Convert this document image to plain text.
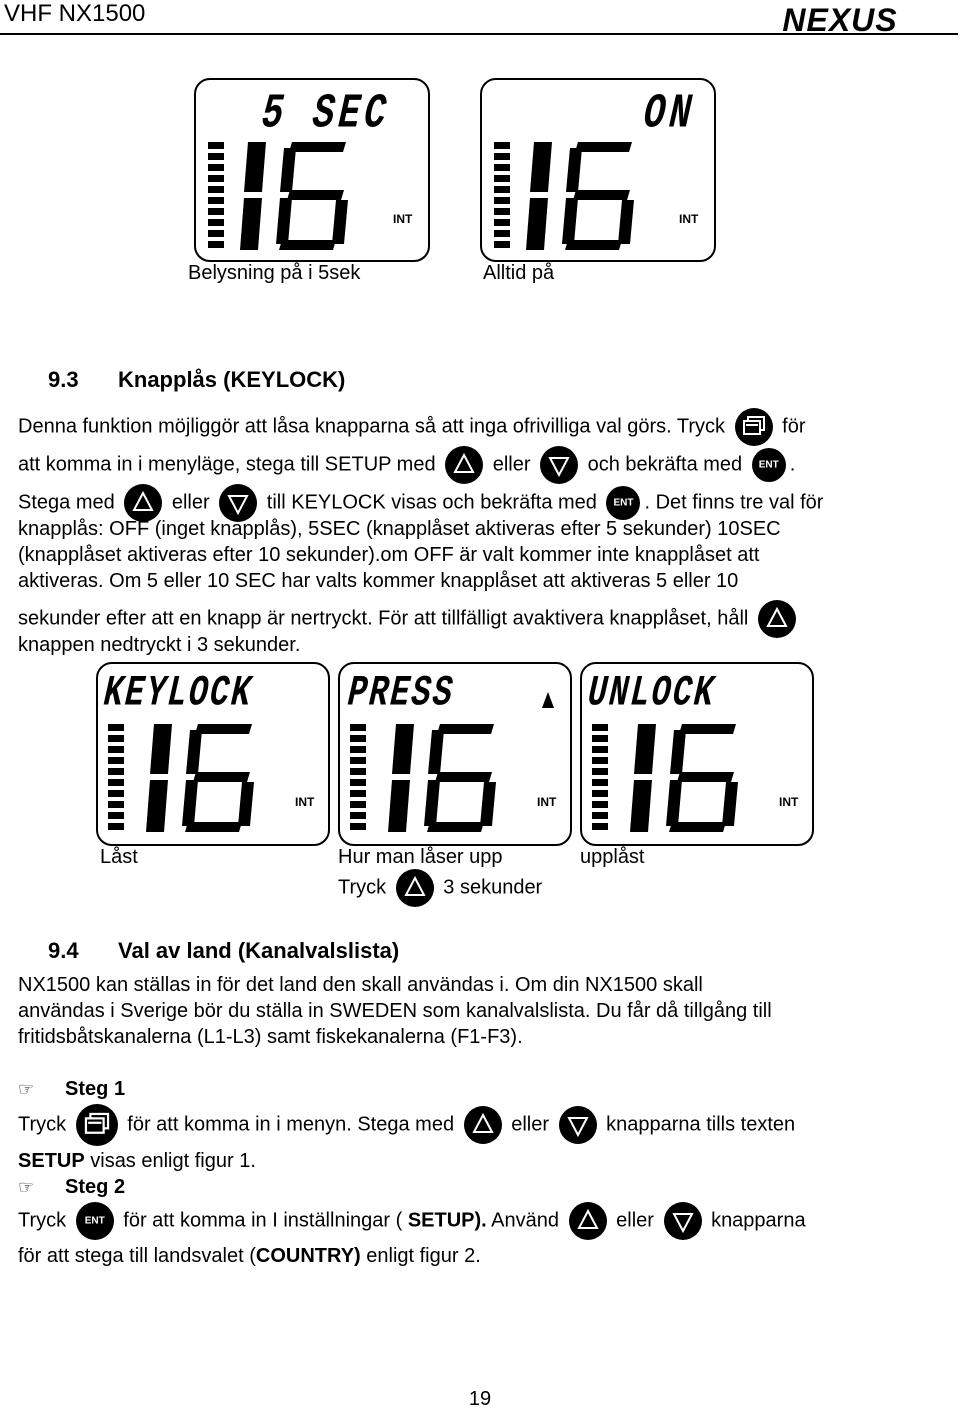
VHF NX1500	NEXUS
5 SEC
INT
ON
INT
Belysning på i 5sek	Alltid på
9.3 Knapplås (KEYLOCK)
Denna funktion möjliggör att låsa knapparna så att inga ofrivilliga val görs. Tryck	för
att komma in i menyläge, stega till SETUP med	eller	och bekräfta med	ENT .
Stega med	eller	till KEYLOCK visas och bekräfta med	ENT . Det finns tre val för
knapplås: OFF (inget knapplås), 5SEC (knapplåset aktiveras efter 5 sekunder) 10SEC
(knapplåset aktiveras efter 10 sekunder).om OFF är valt kommer inte knapplåset att
aktiveras. Om 5 eller 10 SEC har valts kommer knapplåset att aktiveras 5 eller 10
sekunder efter att en knapp är nertryckt. För att tillfälligt avaktivera knapplåset, håll
knappen nedtryckt i 3 sekunder.
KEYLOCK
INT
PRESS
INT
UNLOCK
INT
Låst	Hur man låser upp	upplåst
Tryck	3 sekunder
9.4 Val av land (Kanalvalslista)
NX1500 kan ställas in för det land den skall användas i. Om din NX1500 skall
användas i Sverige bör du ställa in SWEDEN som kanalvalslista. Du får då tillgång till
fritidsbåtskanalerna (L1-L3) samt fiskekanalerna (F1-F3).
☞ Steg 1
Tryck	för att komma in i menyn. Stega med	eller	knapparna tills texten
SETUP visas enligt figur 1.
☞ Steg 2
Tryck	ENT för att komma in I inställningar ( SETUP). Använd	eller	knapparna
för att stega till landsvalet (COUNTRY) enligt figur 2.
19
